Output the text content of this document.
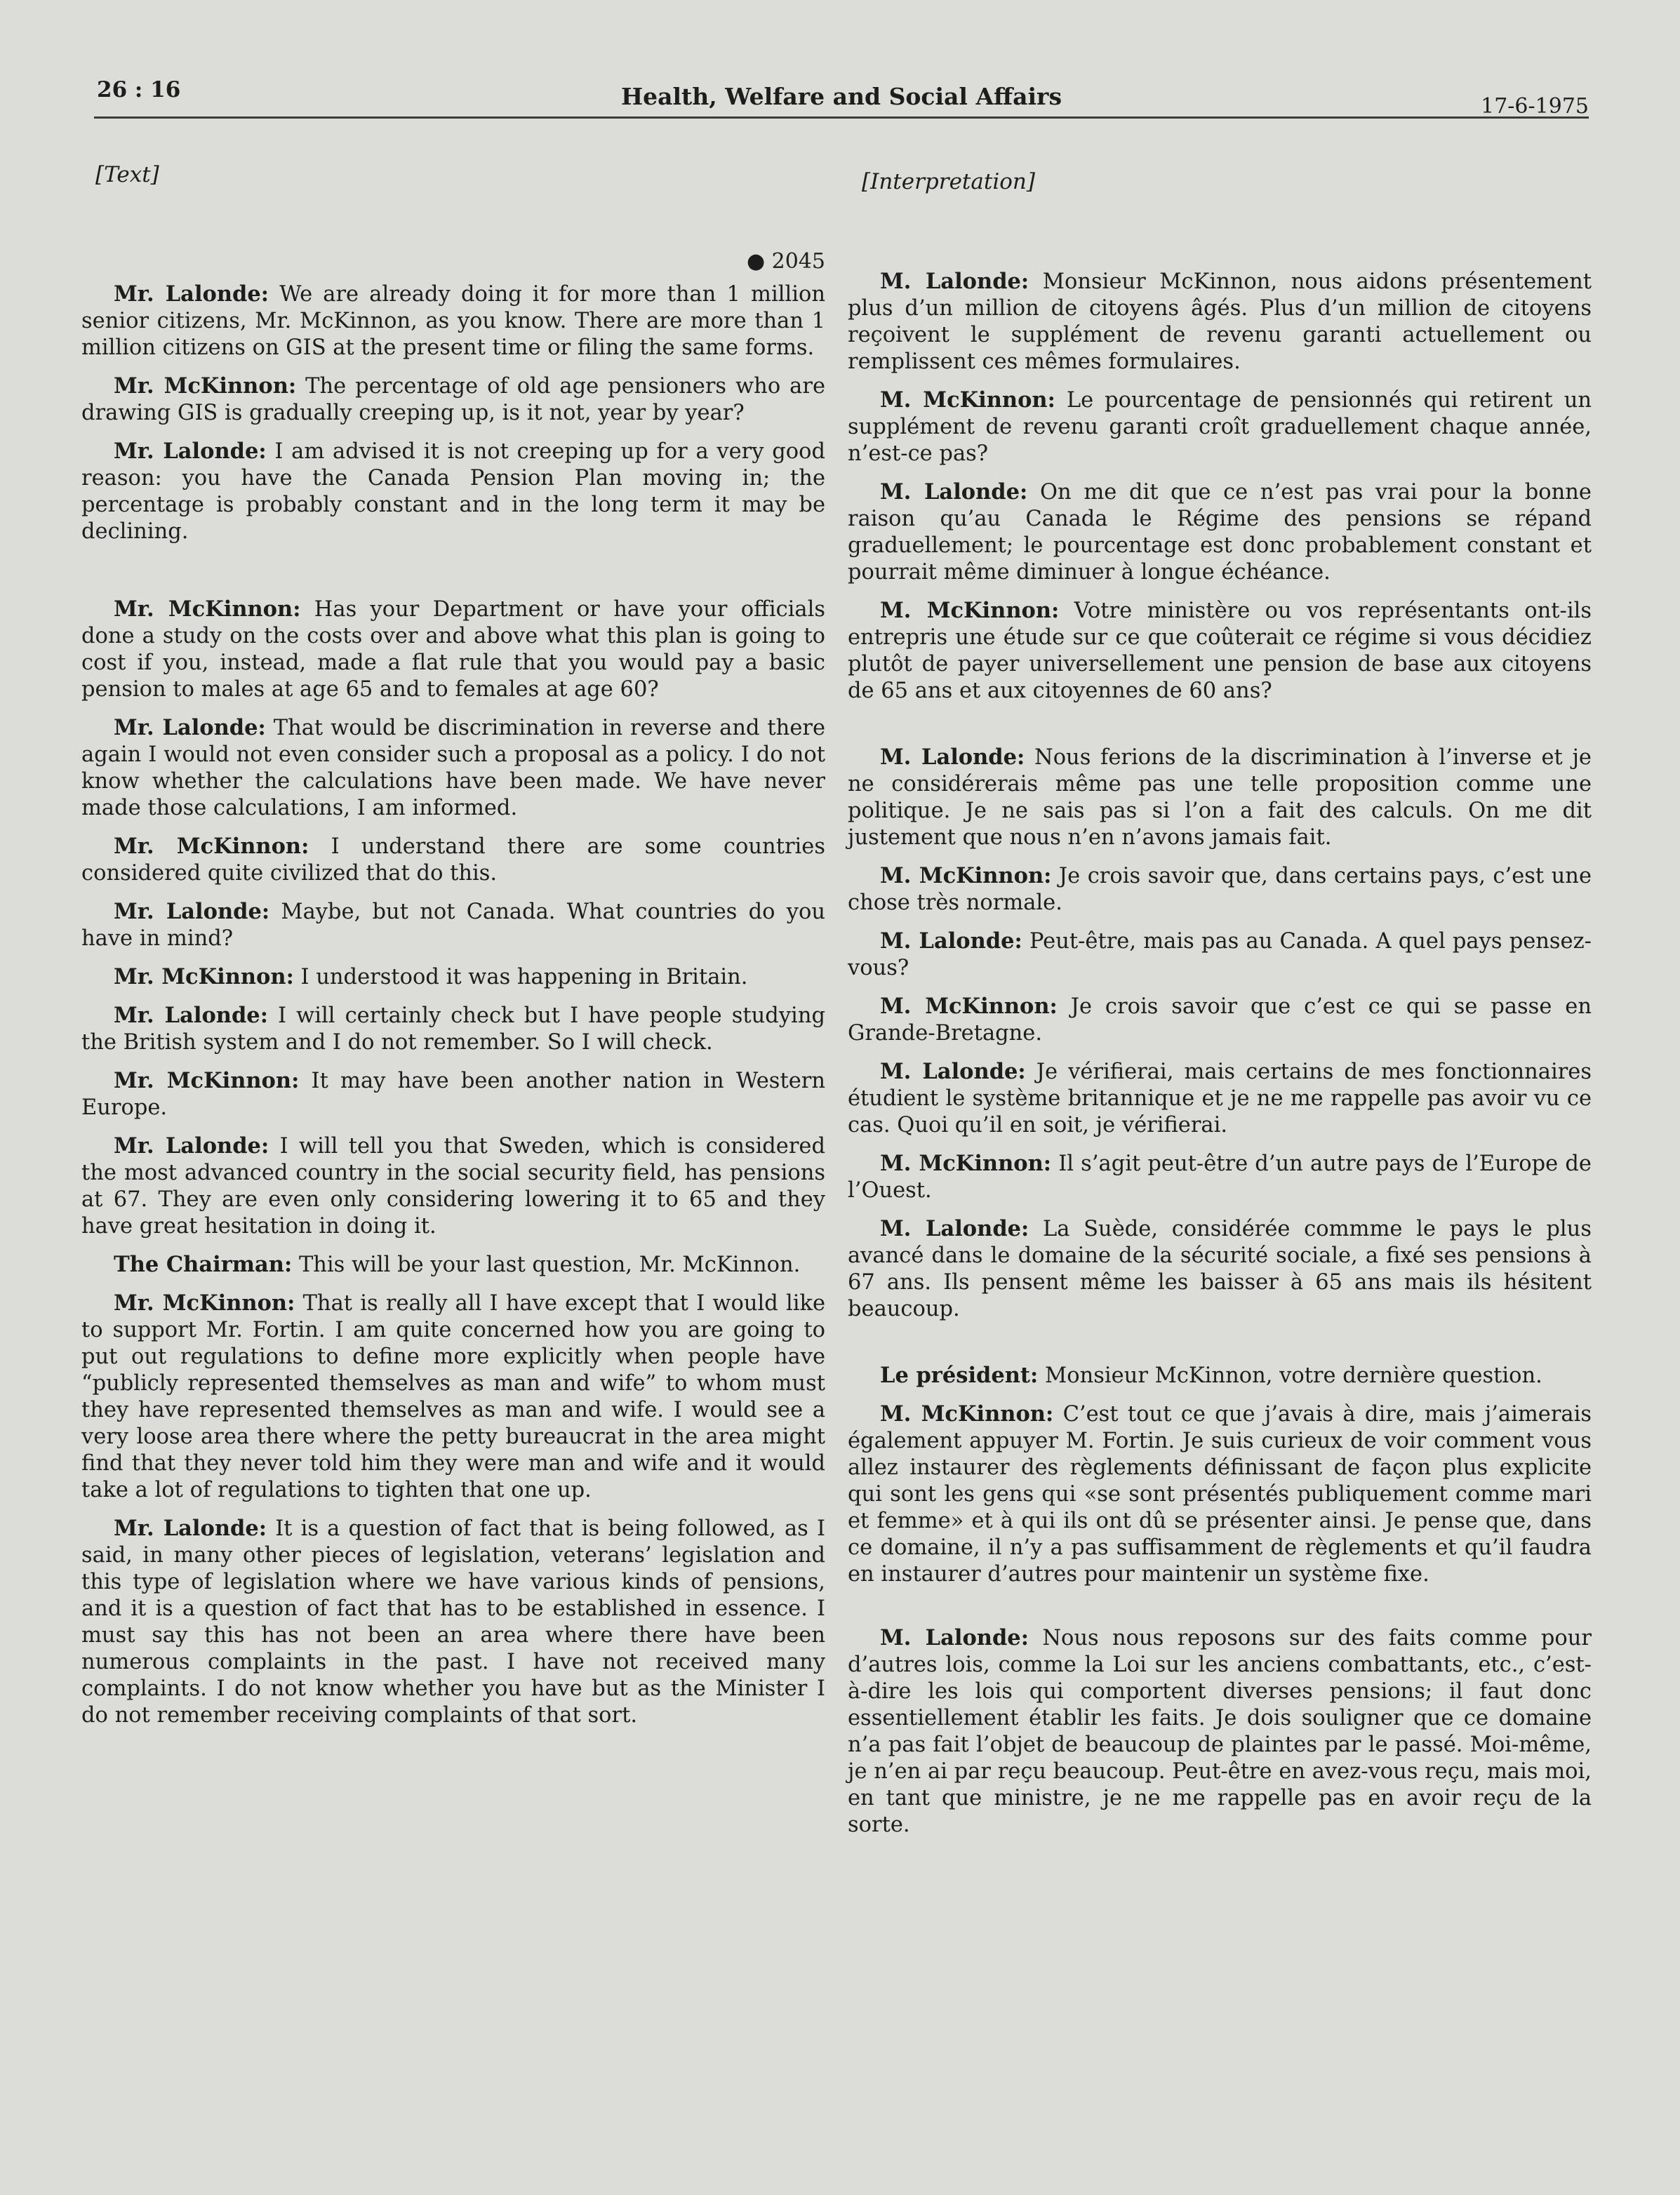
26 : 16	Health, Welfare and Social Affairs	17-6-1975
[Text]
● 2045

Mr. Lalonde: We are already doing it for more than 1 million senior citizens, Mr. McKinnon, as you know. There are more than 1 million citizens on GIS at the present time or filing the same forms.

Mr. McKinnon: The percentage of old age pensioners who are drawing GIS is gradually creeping up, is it not, year by year?

Mr. Lalonde: I am advised it is not creeping up for a very good reason: you have the Canada Pension Plan moving in; the percentage is probably constant and in the long term it may be declining.

Mr. McKinnon: Has your Department or have your officials done a study on the costs over and above what this plan is going to cost if you, instead, made a flat rule that you would pay a basic pension to males at age 65 and to females at age 60?

Mr. Lalonde: That would be discrimination in reverse and there again I would not even consider such a proposal as a policy. I do not know whether the calculations have been made. We have never made those calculations, I am informed.

Mr. McKinnon: I understand there are some countries considered quite civilized that do this.

Mr. Lalonde: Maybe, but not Canada. What countries do you have in mind?

Mr. McKinnon: I understood it was happening in Britain.

Mr. Lalonde: I will certainly check but I have people studying the British system and I do not remember. So I will check.

Mr. McKinnon: It may have been another nation in Western Europe.

Mr. Lalonde: I will tell you that Sweden, which is considered the most advanced country in the social security field, has pensions at 67. They are even only considering lowering it to 65 and they have great hesitation in doing it.

The Chairman: This will be your last question, Mr. McKinnon.

Mr. McKinnon: That is really all I have except that I would like to support Mr. Fortin. I am quite concerned how you are going to put out regulations to define more explicitly when people have “publicly represented themselves as man and wife” to whom must they have represented themselves as man and wife. I would see a very loose area there where the petty bureaucrat in the area might find that they never told him they were man and wife and it would take a lot of regulations to tighten that one up.

Mr. Lalonde: It is a question of fact that is being followed, as I said, in many other pieces of legislation, veterans’ legislation and this type of legislation where we have various kinds of pensions, and it is a question of fact that has to be established in essence. I must say this has not been an area where there have been numerous complaints in the past. I have not received many complaints. I do not know whether you have but as the Minister I do not remember receiving complaints of that sort.

[Interpretation]

M. Lalonde: Monsieur McKinnon, nous aidons présentement plus d’un million de citoyens âgés. Plus d’un million de citoyens reçoivent le supplément de revenu garanti actuellement ou remplissent ces mêmes formulaires.

M. McKinnon: Le pourcentage de pensionnés qui retirent un supplément de revenu garanti croît graduellement chaque année, n’est-ce pas?

M. Lalonde: On me dit que ce n’est pas vrai pour la bonne raison qu’au Canada le Régime des pensions se répand graduellement; le pourcentage est donc probablement constant et pourrait même diminuer à longue échéance.

M. McKinnon: Votre ministère ou vos représentants ont-ils entrepris une étude sur ce que coûterait ce régime si vous décidiez plutôt de payer universellement une pension de base aux citoyens de 65 ans et aux citoyennes de 60 ans?

M. Lalonde: Nous ferions de la discrimination à l’inverse et je ne considérerais même pas une telle proposition comme une politique. Je ne sais pas si l’on a fait des calculs. On me dit justement que nous n’en n’avons jamais fait.

M. McKinnon: Je crois savoir que, dans certains pays, c’est une chose très normale.

M. Lalonde: Peut-être, mais pas au Canada. A quel pays pensez-vous?

M. McKinnon: Je crois savoir que c’est ce qui se passe en Grande-Bretagne.

M. Lalonde: Je vérifierai, mais certains de mes fonctionnaires étudient le système britannique et je ne me rappelle pas avoir vu ce cas. Quoi qu’il en soit, je vérifierai.

M. McKinnon: Il s’agit peut-être d’un autre pays de l’Europe de l’Ouest.

M. Lalonde: La Suède, considérée commme le pays le plus avancé dans le domaine de la sécurité sociale, a fixé ses pensions à 67 ans. Ils pensent même les baisser à 65 ans mais ils hésitent beaucoup.

Le président: Monsieur McKinnon, votre dernière question.

M. McKinnon: C’est tout ce que j’avais à dire, mais j’aimerais également appuyer M. Fortin. Je suis curieux de voir comment vous allez instaurer des règlements définissant de façon plus explicite qui sont les gens qui «se sont présentés publiquement comme mari et femme» et à qui ils ont dû se présenter ainsi. Je pense que, dans ce domaine, il n’y a pas suffisamment de règlements et qu’il faudra en instaurer d’autres pour maintenir un système fixe.

M. Lalonde: Nous nous reposons sur des faits comme pour d’autres lois, comme la Loi sur les anciens combattants, etc., c’est-à-dire les lois qui comportent diverses pensions; il faut donc essentiellement établir les faits. Je dois souligner que ce domaine n’a pas fait l’objet de beaucoup de plaintes par le passé. Moi-même, je n’en ai par reçu beaucoup. Peut-être en avez-vous reçu, mais moi, en tant que ministre, je ne me rappelle pas en avoir reçu de la sorte.
